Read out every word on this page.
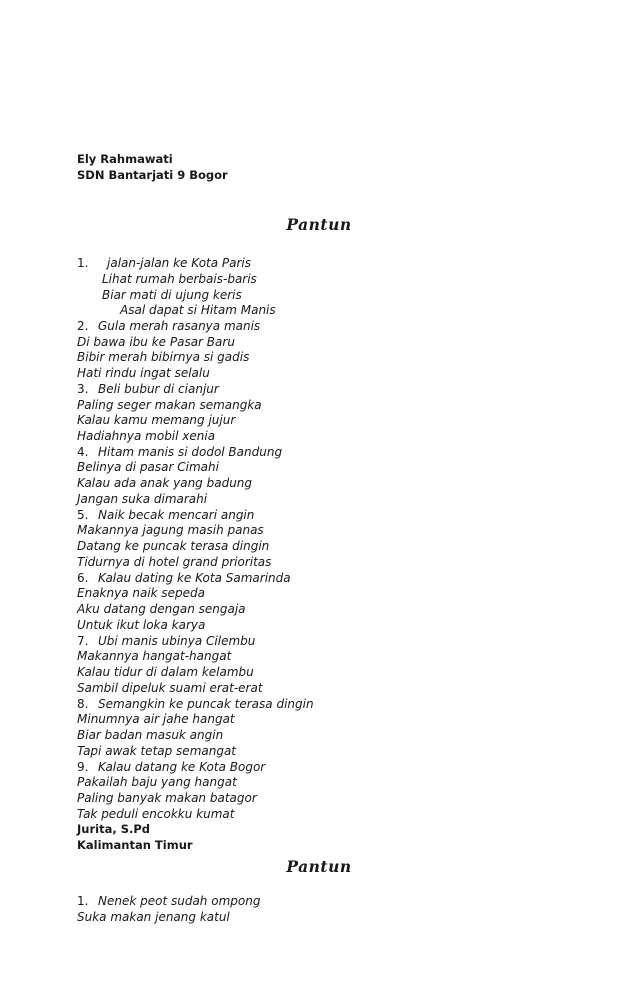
Ely Rahmawati
SDN Bantarjati 9 Bogor
Pantun
1. jalan-jalan ke Kota Paris
Lihat rumah berbais-baris
Biar mati di ujung keris
Asal dapat si Hitam Manis
2. Gula merah rasanya manis
Di bawa ibu ke Pasar Baru
Bibir merah bibirnya si gadis
Hati rindu ingat selalu
3. Beli bubur di cianjur
Paling seger makan semangka
Kalau kamu memang jujur
Hadiahnya mobil xenia
4. Hitam manis si dodol Bandung
Belinya di pasar Cimahi
Kalau ada anak yang badung
Jangan suka dimarahi
5. Naik becak mencari angin
Makannya jagung masih panas
Datang ke puncak terasa dingin
Tidurnya di hotel grand prioritas
6. Kalau dating ke Kota Samarinda
Enaknya naik sepeda
Aku datang dengan sengaja
Untuk ikut loka karya
7. Ubi manis ubinya Cilembu
Makannya hangat-hangat
Kalau tidur di dalam kelambu
Sambil dipeluk suami erat-erat
8. Semangkin ke puncak terasa dingin
Minumnya air jahe hangat
Biar badan masuk angin
Tapi awak tetap semangat
9. Kalau datang ke Kota Bogor
Pakailah baju yang hangat
Paling banyak makan batagor
Tak peduli encokku kumat
Jurita, S.Pd
Kalimantan Timur
Pantun
1. Nenek peot sudah ompong
Suka makan jenang katul
